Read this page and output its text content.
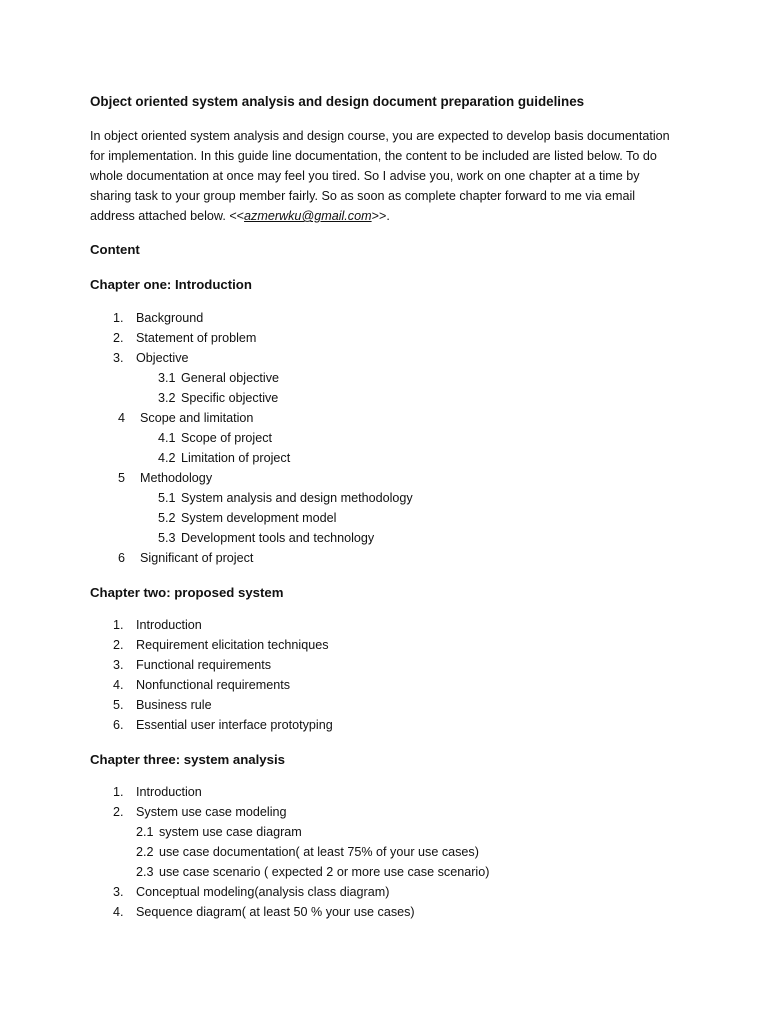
Object oriented system analysis and design document preparation guidelines
In object oriented system analysis and design course, you are expected to develop basis documentation
for implementation. In this guide line documentation, the content to be included are listed below. To do
whole documentation at once may feel you tired. So I advise you, work on one chapter at a time by
sharing task to your group member fairly. So as soon as complete chapter forward to me via email
address attached below. <<azmerwku@gmail.com>>.
Content
Chapter one: Introduction
1. Background
2. Statement of problem
3. Objective
3.1 General objective
3.2 Specific objective
4 Scope and limitation
4.1 Scope of project
4.2 Limitation of project
5 Methodology
5.1 System analysis and design methodology
5.2 System development model
5.3 Development tools and technology
6 Significant of project
Chapter two: proposed system
1. Introduction
2. Requirement elicitation techniques
3. Functional requirements
4. Nonfunctional requirements
5. Business rule
6. Essential user interface prototyping
Chapter three: system analysis
1. Introduction
2. System use case modeling
2.1 system use case diagram
2.2 use case documentation( at least 75% of your use cases)
2.3 use case scenario ( expected 2 or more use case scenario)
3. Conceptual modeling(analysis class diagram)
4. Sequence diagram( at least 50 % your use cases)
